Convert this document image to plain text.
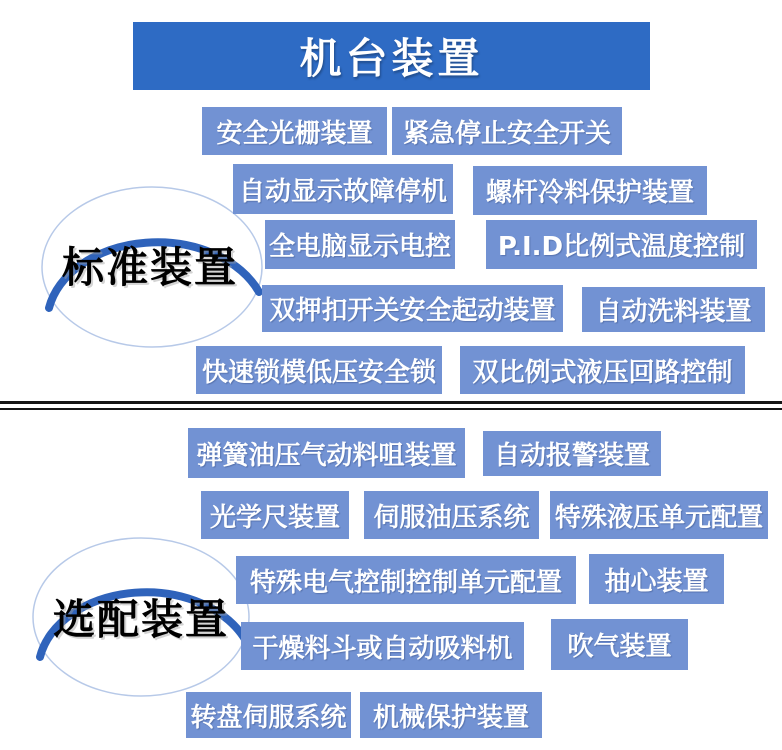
机台装置
标准装置
安全光栅装置	紧急停止安全开关
自动显示故障停机	螺杆冷料保护装置
全电脑显示电控	P.I.D比例式温度控制
双押扣开关安全起动装置	自动洗料装置
快速锁模低压安全锁	双比例式液压回路控制
选配装置
弹簧油压气动料咀装置	自动报警装置
光学尺装置	伺服油压系统 特殊液压单元配置
特殊电气控制控制单元配置	抽心装置
干燥料斗或自动吸料机	吹气装置
转盘伺服系统	机械保护装置
